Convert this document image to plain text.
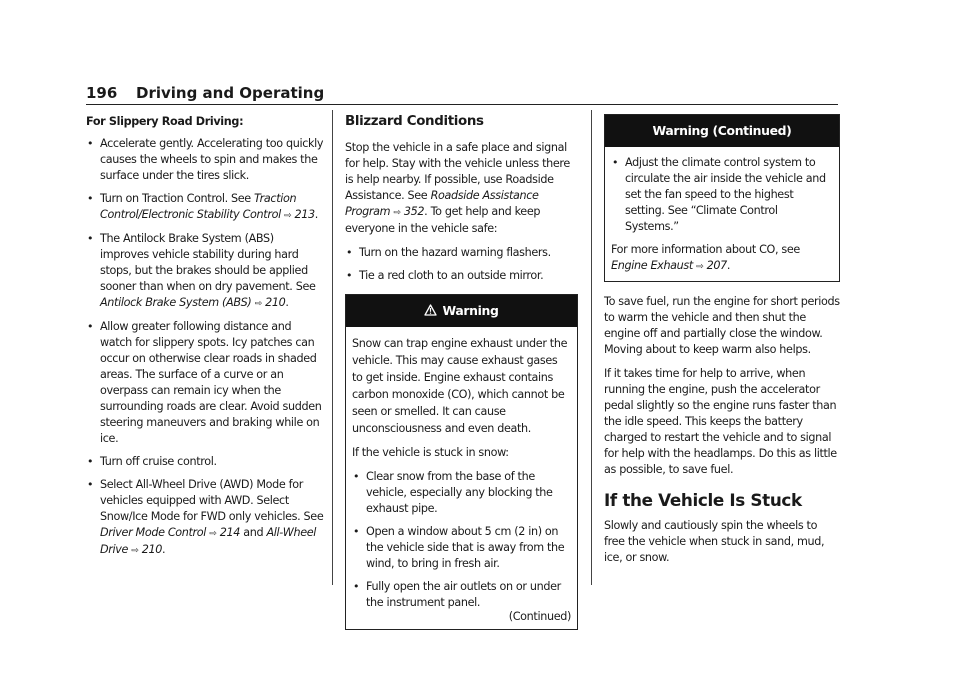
196 Driving and Operating

For Slippery Road Driving:

• Accelerate gently. Accelerating too quickly causes the wheels to spin and makes the surface under the tires slick.
• Turn on Traction Control. See Traction Control/Electronic Stability Control ⇨ 213.
• The Antilock Brake System (ABS) improves vehicle stability during hard stops, but the brakes should be applied sooner than when on dry pavement. See Antilock Brake System (ABS) ⇨ 210.
• Allow greater following distance and watch for slippery spots. Icy patches can occur on otherwise clear roads in shaded areas. The surface of a curve or an overpass can remain icy when the surrounding roads are clear. Avoid sudden steering maneuvers and braking while on ice.
• Turn off cruise control.
• Select All-Wheel Drive (AWD) Mode for vehicles equipped with AWD. Select Snow/Ice Mode for FWD only vehicles. See Driver Mode Control ⇨ 214 and All-Wheel Drive ⇨ 210.
Blizzard Conditions

Stop the vehicle in a safe place and signal for help. Stay with the vehicle unless there is help nearby. If possible, use Roadside Assistance. See Roadside Assistance Program ⇨ 352. To get help and keep everyone in the vehicle safe:

• Turn on the hazard warning flashers.
• Tie a red cloth to an outside mirror.
Warning

Snow can trap engine exhaust under the vehicle. This may cause exhaust gases to get inside. Engine exhaust contains carbon monoxide (CO), which cannot be seen or smelled. It can cause unconsciousness and even death.

If the vehicle is stuck in snow:

• Clear snow from the base of the vehicle, especially any blocking the exhaust pipe.
• Open a window about 5 cm (2 in) on the vehicle side that is away from the wind, to bring in fresh air.
• Fully open the air outlets on or under the instrument panel.
(Continued)
Warning (Continued)
• Adjust the climate control system to circulate the air inside the vehicle and set the fan speed to the highest setting. See “Climate Control Systems.”

For more information about CO, see
Engine Exhaust ⇨ 207.

To save fuel, run the engine for short periods to warm the vehicle and then shut the engine off and partially close the window. Moving about to keep warm also helps.

If it takes time for help to arrive, when running the engine, push the accelerator pedal slightly so the engine runs faster than the idle speed. This keeps the battery charged to restart the vehicle and to signal for help with the headlamps. Do this as little as possible, to save fuel.

If the Vehicle Is Stuck

Slowly and cautiously spin the wheels to free the vehicle when stuck in sand, mud, ice, or snow.
